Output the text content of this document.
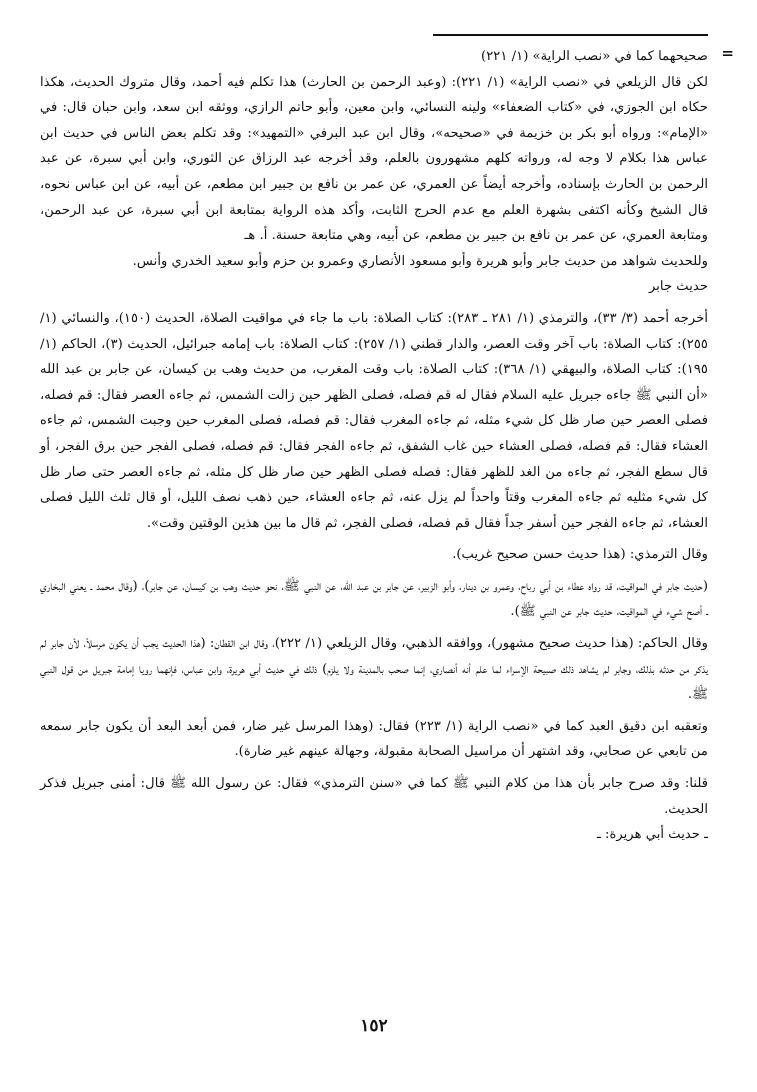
=

صحيحهما كما في «نصب الراية» (١/ ٢٢١)

لكن قال الزيلعي في «نصب الراية» (١/ ٢٢١): (وعبد الرحمن بن الحارث) هذا تكلم فيه أحمد، وقال متروك الحديث، هكذا حكاه ابن الجوزي، في «كتاب الضعفاء» ولينه النسائي، وابن معين، وأبو حاتم الرازي، ووثقه ابن سعد، وابن حبان قال: في «الإمام»: ورواه أبو بكر بن خزيمة في «صحيحه»، وقال ابن عبد البرفي «التمهيد»: وقد تكلم بعض الناس في حديث ابن عباس هذا بكلام لا وجه له، ورواته كلهم مشهورون بالعلم، وقد أخرجه عبد الرزاق عن الثوري، وابن أبي سبرة، عن عبد الرحمن بن الحارث بإسناده، وأخرجه أيضاً عن العمري، عن عمر بن نافع بن جبير ابن مطعم، عن أبيه، عن ابن عباس نحوه، قال الشيخ وكأنه اكتفى بشهرة العلم مع عدم الحرج الثابت، وأكد هذه الرواية بمتابعة ابن أبي سبرة، عن عبد الرحمن، ومتابعة العمري، عن عمر بن نافع بن جبير بن مطعم، عن أبيه، وهي متابعة حسنة. أ. هـ

وللحديث شواهد من حديث جابر وأبو هريرة وأبو مسعود الأنصاري وعمرو بن حزم وأبو سعيد الخدري وأنس.

حديث جابر

أخرجه أحمد (٣/ ٣٣)، والترمذي (١/ ٢٨١ ـ ٢٨٣): كتاب الصلاة: باب ما جاء في مواقيت الصلاة، الحديث (١٥٠)، والنسائي (١/ ٢٥٥): كتاب الصلاة: باب آخر وقت العصر، والدار قطني (١/ ٢٥٧): كتاب الصلاة: باب إمامه جبرائيل، الحديث (٣)، الحاكم (١/ ١٩٥): كتاب الصلاة، والبيهقي (١/ ٣٦٨): كتاب الصلاة: باب وقت المغرب، من حديث وهب بن كيسان، عن جابر بن عبد الله «أن النبي ﷺ جاءه جبريل عليه السلام فقال له قم فصله، فصلى الظهر حين زالت الشمس، ثم جاءه العصر فقال: قم فصله، فصلى العصر حين صار ظل كل شيء مثله، ثم جاءه المغرب فقال: قم فصله، فصلى المغرب حين وجبت الشمس، ثم جاءه العشاء فقال: قم فصله، فصلى العشاء حين غاب الشفق، ثم جاءه الفجر فقال: قم فصله، فصلى الفجر حين برق الفجر، أو قال سطع الفجر، ثم جاءه من الغد للظهر فقال: فصله فصلى الظهر حين صار ظل كل مثله، ثم جاءه العصر حتى صار ظل كل شيء مثليه ثم جاءه المغرب وقتاً واحداً لم يزل عنه، ثم جاءه العشاء، حين ذهب نصف الليل، أو قال ثلث الليل فصلى العشاء، ثم جاءه الفجر حين أسفر جداً فقال قم فصله، فصلى الفجر، ثم قال ما بين هذين الوقتين وقت».

وقال الترمذي: (هذا حديث حسن صحيح غريب).

(حديث جابر في المواقيت، قد رواه عطاء بن أبي رباح، وعمرو بن دينار، وأبو الزبير، عن جابر بن عبد الله، عن النبي ﷺ، نحو حديث وهب بن كيسان، عن جابر)، (وقال محمد ـ يعني البخاري ـ أصح شيء في المواقيت، حديث جابر عن النبي ﷺ).

وقال الحاكم: (هذا حديث صحيح مشهور)، ووافقه الذهبي، وقال الزيلعي (١/ ٢٢٢)، وقال ابن القطان: (هذا الحديث يجب أن يكون مرسلاً، لأن جابر لم يذكر من حدثه بذلك، وجابر لم يشاهد ذلك صبيحة الإسراء لما علم أنه أنصاري، إنما صحب بالمدينة ولا يلزم) ذلك في حديث أبي هريرة، وابن عباس، فإنهما رويا إمامة جبريل من قول النبي ﷺ.

وتعقبه ابن دقيق العبد كما في «نصب الراية (١/ ٢٢٣) فقال: (وهذا المرسل غير ضار، فمن أبعد البعد أن يكون جابر سمعه من تابعي عن صحابي، وقد اشتهر أن مراسيل الصحابة مقبولة، وجهالة عينهم غير ضارة).

قلنا: وقد صرح جابر بأن هذا من كلام النبي ﷺ كما في «سنن الترمذي» فقال: عن رسول الله ﷺ قال: أمنى جبريل فذكر الحديث.

ـ حديث أبي هريرة: ـ

١٥٢
